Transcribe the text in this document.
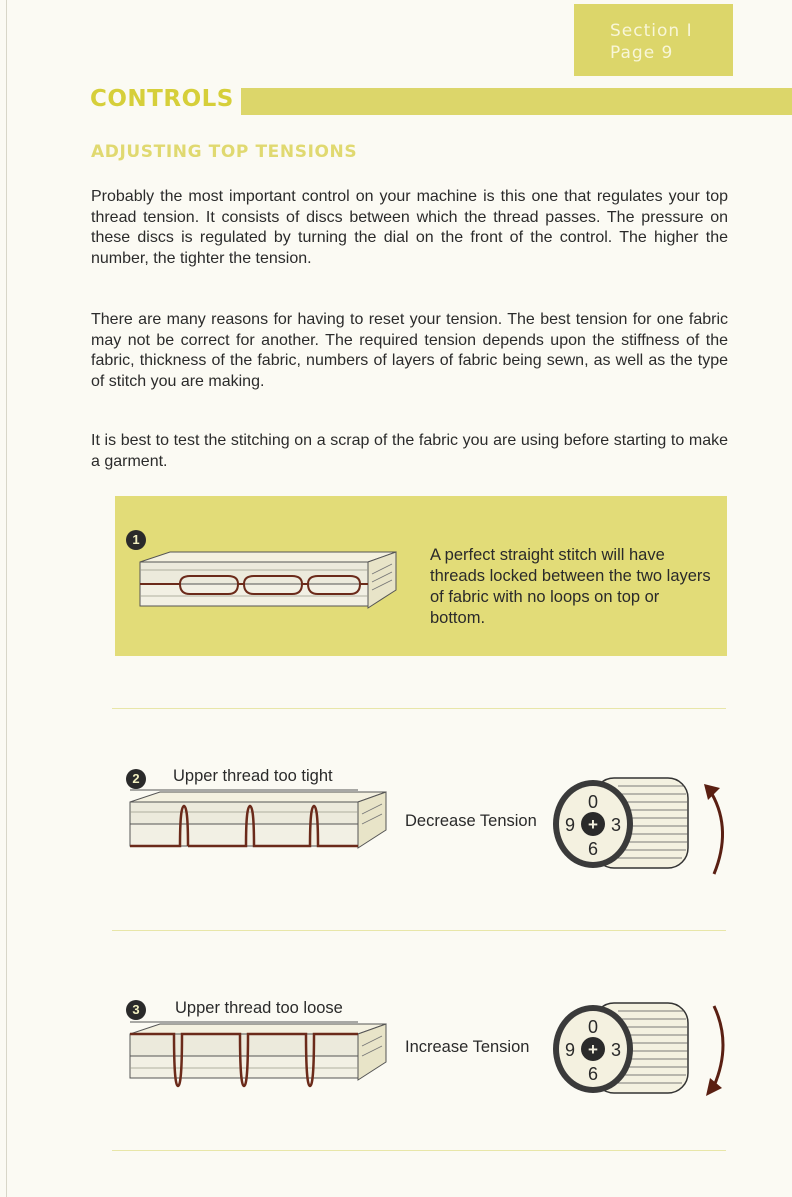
Section I
Page 9
CONTROLS
ADJUSTING TOP TENSIONS
Probably the most important control on your machine is this one that regulates your top thread tension. It consists of discs between which the thread passes. The pressure on these discs is regulated by turning the dial on the front of the control. The higher the number, the tighter the tension.
There are many reasons for having to reset your tension. The best tension for one fabric may not be correct for another. The required tension depends upon the stiffness of the fabric, thickness of the fabric, numbers of layers of fabric being sewn, as well as the type of stitch you are making.
It is best to test the stitching on a scrap of the fabric you are using before starting to make a garment.
1
A perfect straight stitch will have threads locked between the two layers of fabric with no loops on top or bottom.
2	Upper thread too tight
Decrease Tension	+
0
9 3
6
3	Upper thread too loose
Increase Tension	+
0
9 3
6
